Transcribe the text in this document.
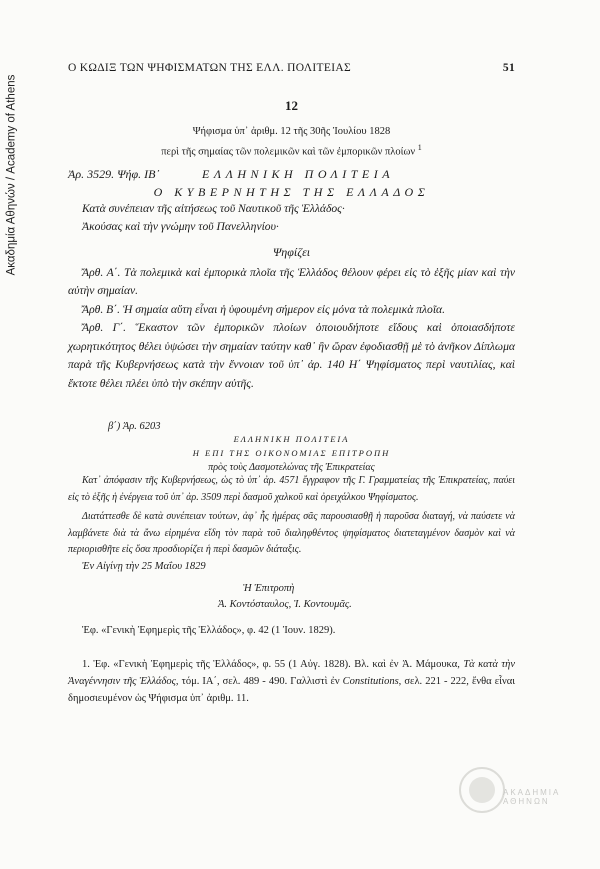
Ακαδημία Αθηνών / Academy of Athens
Ο ΚΩΔΙΞ ΤΩΝ ΨΗΦΙΣΜΑΤΩΝ ΤΗΣ ΕΛΛ. ΠΟΛΙΤΕΙΑΣ	51
12
Ψήφισμα ὑπ᾽ ἀριθμ. 12 τῆς 30ῆς Ἰουλίου 1828
περὶ τῆς σημαίας τῶν πολεμικῶν καὶ τῶν ἐμπορικῶν πλοίων $^1$
Ἀρ. 3529. Ψήφ. ΙΒ᾽	ΕΛΛΗΝΙΚΗ ΠΟΛΙΤΕΙΑ
Ο ΚΥΒΕΡΝΗΤΗΣ ΤΗΣ ΕΛΛΑΔΟΣ

Κατὰ συνέπειαν τῆς αἰτήσεως τοῦ Ναυτικοῦ τῆς Ἑλλάδος·

Ἀκούσας καὶ τὴν γνώμην τοῦ Πανελληνίου·

Ψηφίζει

Ἄρθ. Α΄. Τὰ πολεμικὰ καὶ ἐμπορικὰ πλοῖα τῆς Ἑλλάδος θέλουν φέρει εἰς τὸ ἑξῆς μίαν καὶ τὴν αὐτὴν σημαίαν.

Ἄρθ. Β΄. Ἡ σημαία αὕτη εἶναι ἡ ὑφουμένη σήμερον εἰς μόνα τὰ πολεμικὰ πλοῖα.

Ἄρθ. Γ΄. Ἕκαστον τῶν ἐμπορικῶν πλοίων ὁποιουδήποτε εἴδους καὶ ὁποιασδήποτε χωρητικότητος θέλει ὑψώσει τὴν σημαίαν ταύτην καθ᾽ ἣν ὥραν ἐφοδιασθῇ μὲ τὸ ἀνῆκον Δίπλωμα παρὰ τῆς Κυβερνήσεως κατὰ τὴν ἔννοιαν τοῦ ὑπ᾽ ἀρ. 140 Η΄ Ψηφίσματος περὶ ναυτιλίας, καὶ ἔκτοτε θέλει πλέει ὑπὸ τὴν σκέπην αὐτῆς.

β΄) Ἀρ. 6203
ΕΛΛΗΝΙΚΗ ΠΟΛΙΤΕΙΑ
Η ΕΠΙ ΤΗΣ ΟΙΚΟΝΟΜΙΑΣ ΕΠΙΤΡΟΠΗ
πρὸς τοὺς Δασμοτελώνας τῆς Ἐπικρατείας

Κατ᾽ ἀπόφασιν τῆς Κυβερνήσεως, ὡς τὸ ὑπ᾽ ἀρ. 4571 ἔγγραφον τῆς Γ. Γραμματείας τῆς Ἐπικρατείας, παύει εἰς τὸ ἑξῆς ἡ ἐνέργεια τοῦ ὑπ᾽ ἀρ. 3509 περὶ δασμοῦ χαλκοῦ καὶ ὀρειχάλκου Ψηφίσματος.

Διατάττεσθε δὲ κατὰ συνέπειαν τούτων, ἀφ᾽ ἧς ἡμέρας σᾶς παρουσιασθῇ ἡ παροῦσα διαταγή, νὰ παύσετε νὰ λαμβάνετε διὰ τὰ ἄνω εἰρημένα εἴδη τὸν παρὰ τοῦ διαληφθέντος ψηφίσματος διατεταγμένον δασμὸν καὶ νὰ περιορισθῆτε εἰς ὅσα προσδιορίζει ἡ περὶ δασμῶν διάταξις.

Ἐν Αἰγίνῃ τὴν 25 Μαΐου 1829
Ἡ Ἐπιτροπὴ
Ἀ. Κοντόσταυλος, Ἰ. Κοντουμᾶς.
Ἐφ. «Γενικὴ Ἐφημερὶς τῆς Ἑλλάδος», φ. 42 (1 Ἰουν. 1829).
1. Ἐφ. «Γενικὴ Ἐφημερὶς τῆς Ἑλλάδος», φ. 55 (1 Αὐγ. 1828). Βλ. καὶ ἐν Ἀ. Μάμουκα, Τὰ κατὰ τὴν Ἀναγέννησιν τῆς Ἑλλάδος, τόμ. ΙΑ΄, σελ. 489 - 490. Γαλλιστὶ ἐν Constitutions, σελ. 221 - 222, ἔνθα εἶναι δημοσιευμένον ὡς Ψήφισμα ὑπ᾽ ἀριθμ. 11.
ΑΚΑΔΗΜΙΑ ΑΘΗΝΩΝ
